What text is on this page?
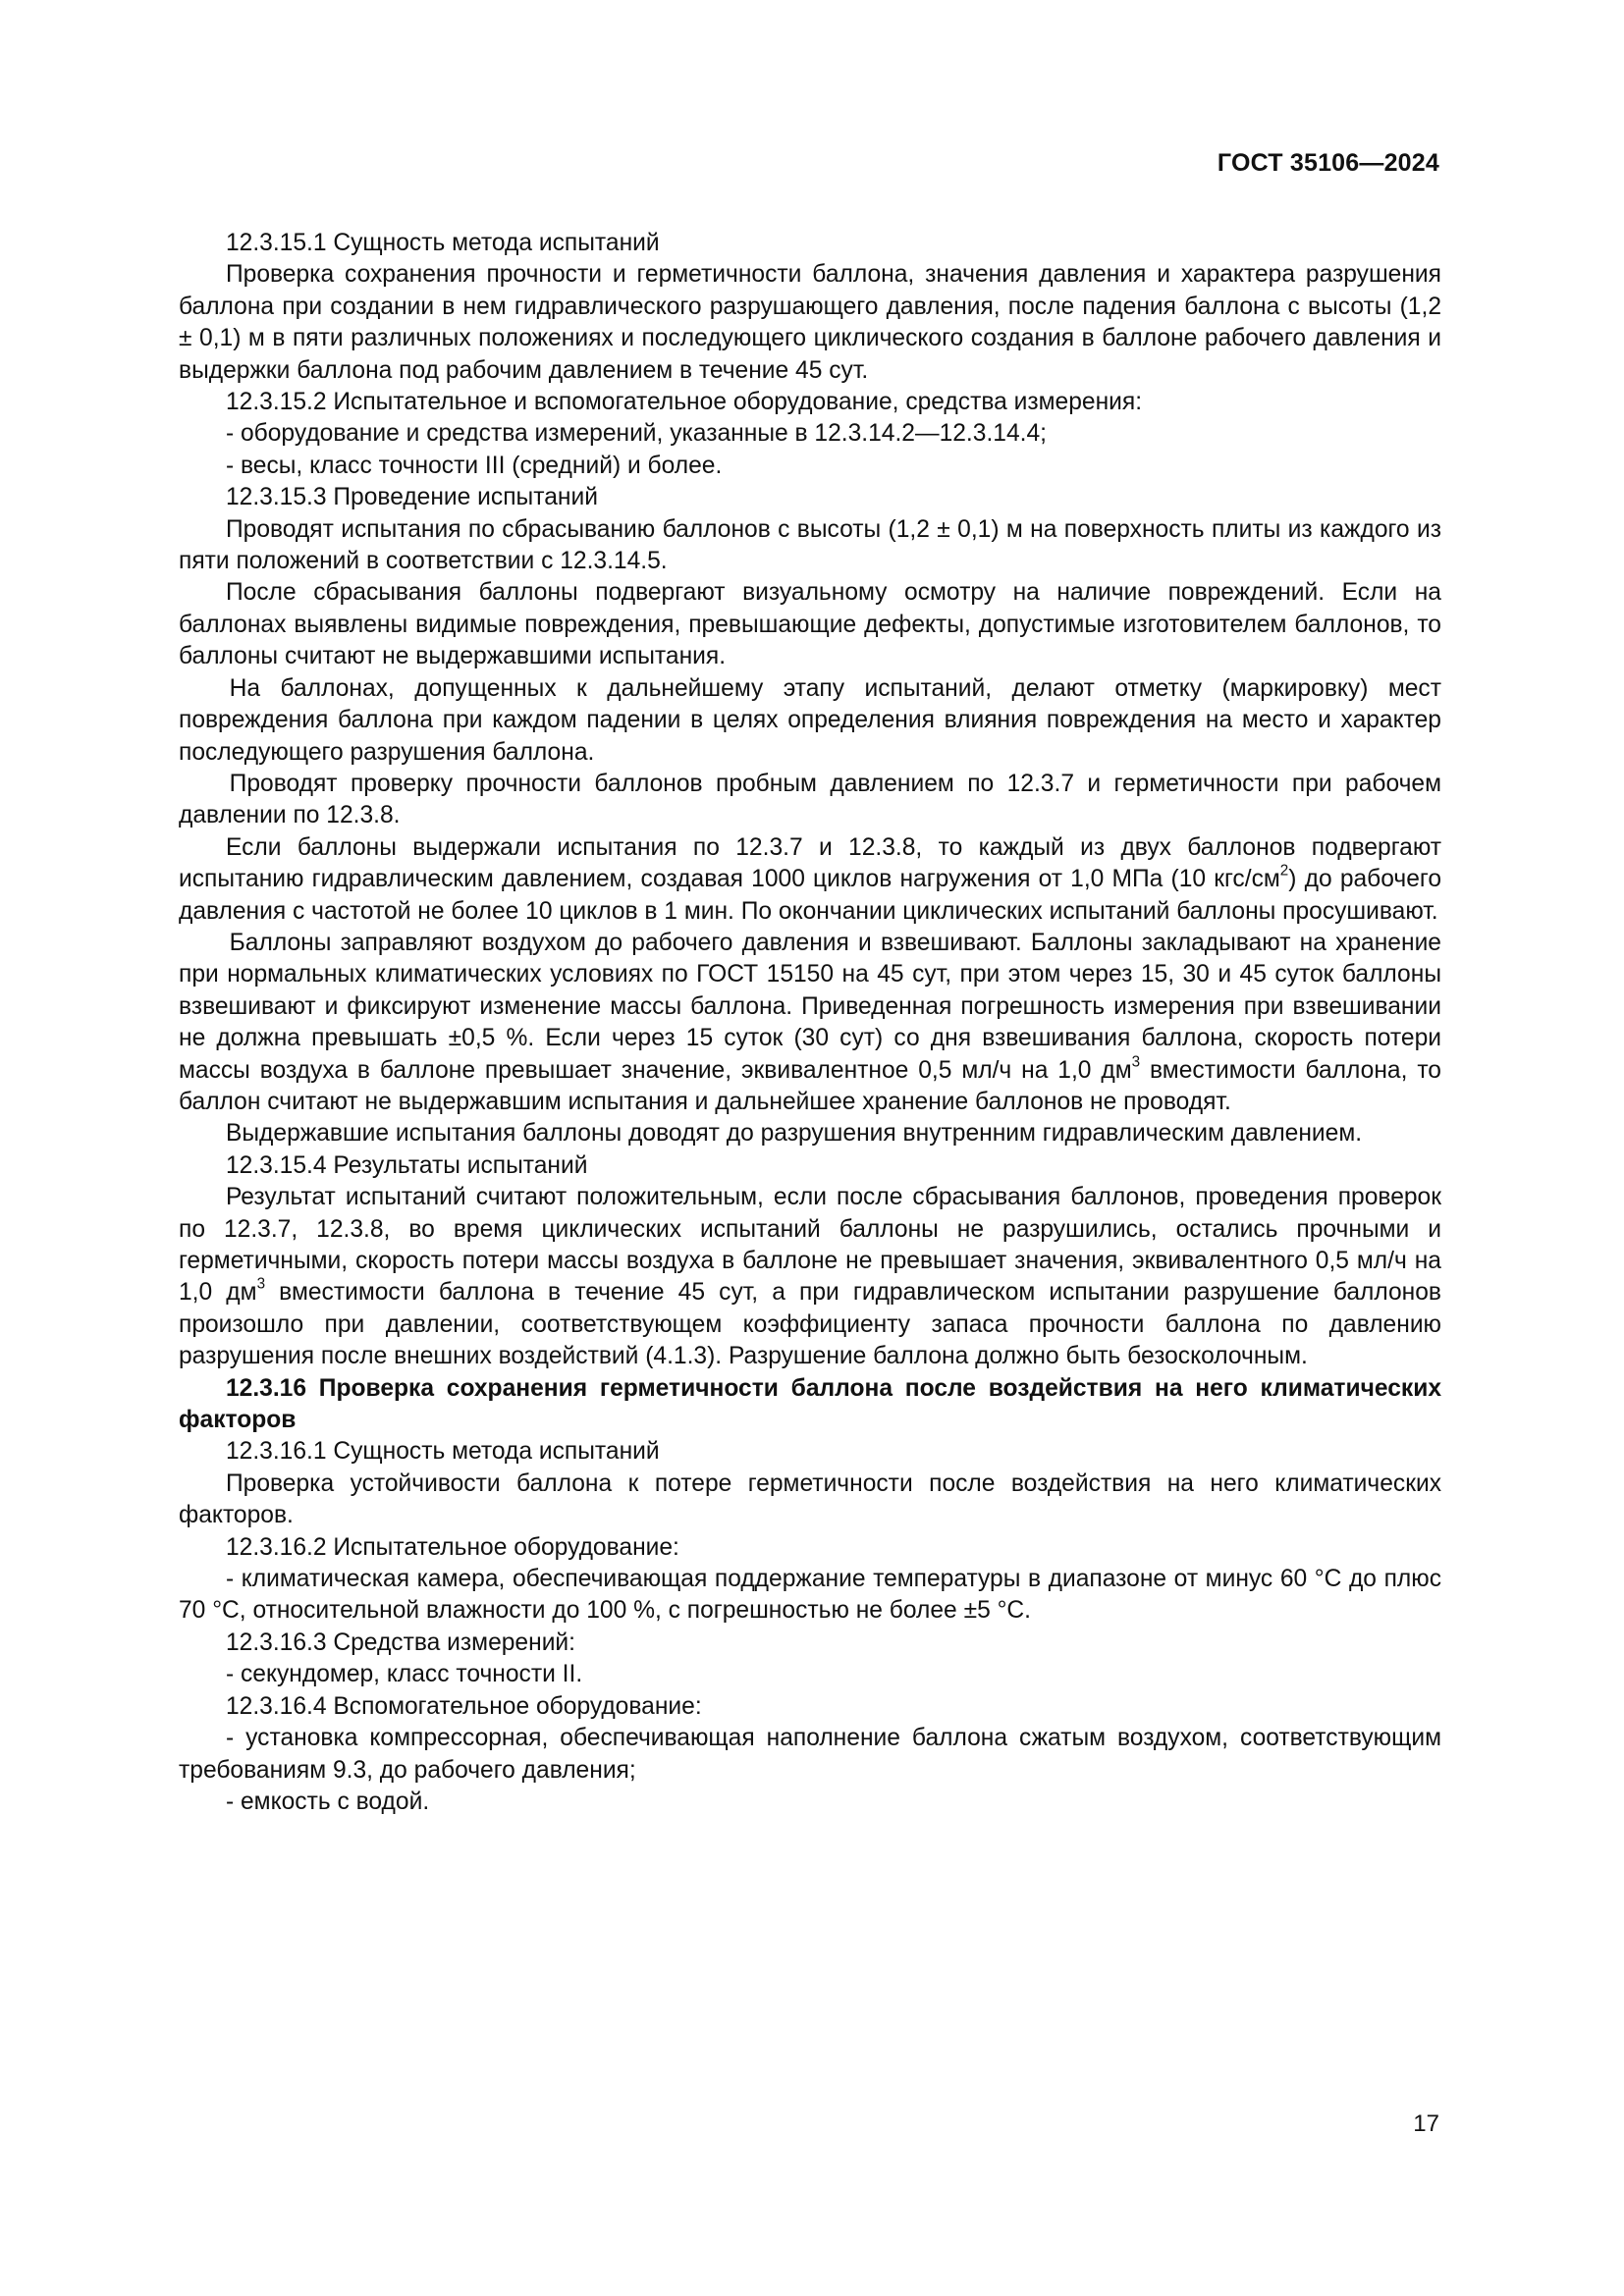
ГОСТ 35106—2024

12.3.15.1 Сущность метода испытаний

Проверка сохранения прочности и герметичности баллона, значения давления и характера разрушения баллона при создании в нем гидравлического разрушающего давления, после падения баллона с высоты (1,2 ± 0,1) м в пяти различных положениях и последующего циклического создания в баллоне рабочего давления и выдержки баллона под рабочим давлением в течение 45 сут.

12.3.15.2 Испытательное и вспомогательное оборудование, средства измерения:

- оборудование и средства измерений, указанные в 12.3.14.2—12.3.14.4;

- весы, класс точности III (средний) и более.

12.3.15.3 Проведение испытаний

Проводят испытания по сбрасыванию баллонов с высоты (1,2 ± 0,1) м на поверхность плиты из каждого из пяти положений в соответствии с 12.3.14.5.

После сбрасывания баллоны подвергают визуальному осмотру на наличие повреждений. Если на баллонах выявлены видимые повреждения, превышающие дефекты, допустимые изготовителем баллонов, то баллоны считают не выдержавшими испытания.

На баллонах, допущенных к дальнейшему этапу испытаний, делают отметку (маркировку) мест повреждения баллона при каждом падении в целях определения влияния повреждения на место и характер последующего разрушения баллона.

Проводят проверку прочности баллонов пробным давлением по 12.3.7 и герметичности при рабочем давлении по 12.3.8.

Если баллоны выдержали испытания по 12.3.7 и 12.3.8, то каждый из двух баллонов подвергают испытанию гидравлическим давлением, создавая 1000 циклов нагружения от 1,0 МПа (10 кгс/$см^2$) до рабочего давления с частотой не более 10 циклов в 1 мин. По окончании циклических испытаний баллоны просушивают.

Баллоны заправляют воздухом до рабочего давления и взвешивают. Баллоны закладывают на хранение при нормальных климатических условиях по ГОСТ 15150 на 45 сут, при этом через 15, 30 и 45 суток баллоны взвешивают и фиксируют изменение массы баллона. Приведенная погрешность измерения при взвешивании не должна превышать ±0,5 %. Если через 15 суток (30 сут) со дня взвешивания баллона, скорость потери массы воздуха в баллоне превышает значение, эквивалентное 0,5 мл/ч на 1,0 $дм^3$ вместимости баллона, то баллон считают не выдержавшим испытания и дальнейшее хранение баллонов не проводят.

Выдержавшие испытания баллоны доводят до разрушения внутренним гидравлическим давлением.

12.3.15.4 Результаты испытаний

Результат испытаний считают положительным, если после сбрасывания баллонов, проведения проверок по 12.3.7, 12.3.8, во время циклических испытаний баллоны не разрушились, остались прочными и герметичными, скорость потери массы воздуха в баллоне не превышает значения, эквивалентного 0,5 мл/ч на 1,0 $дм^3$ вместимости баллона в течение 45 сут, а при гидравлическом испытании разрушение баллонов произошло при давлении, соответствующем коэффициенту запаса прочности баллона по давлению разрушения после внешних воздействий (4.1.3). Разрушение баллона должно быть безосколочным.

12.3.16 Проверка сохранения герметичности баллона после воздействия на него климатических факторов

12.3.16.1 Сущность метода испытаний

Проверка устойчивости баллона к потере герметичности после воздействия на него климатических факторов.

12.3.16.2 Испытательное оборудование:

- климатическая камера, обеспечивающая поддержание температуры в диапазоне от минус 60 °С до плюс 70 °С, относительной влажности до 100 %, с погрешностью не более ±5 °С.

12.3.16.3 Средства измерений:

- секундомер, класс точности II.

12.3.16.4 Вспомогательное оборудование:

- установка компрессорная, обеспечивающая наполнение баллона сжатым воздухом, соответствующим требованиям 9.3, до рабочего давления;

- емкость с водой.

17
